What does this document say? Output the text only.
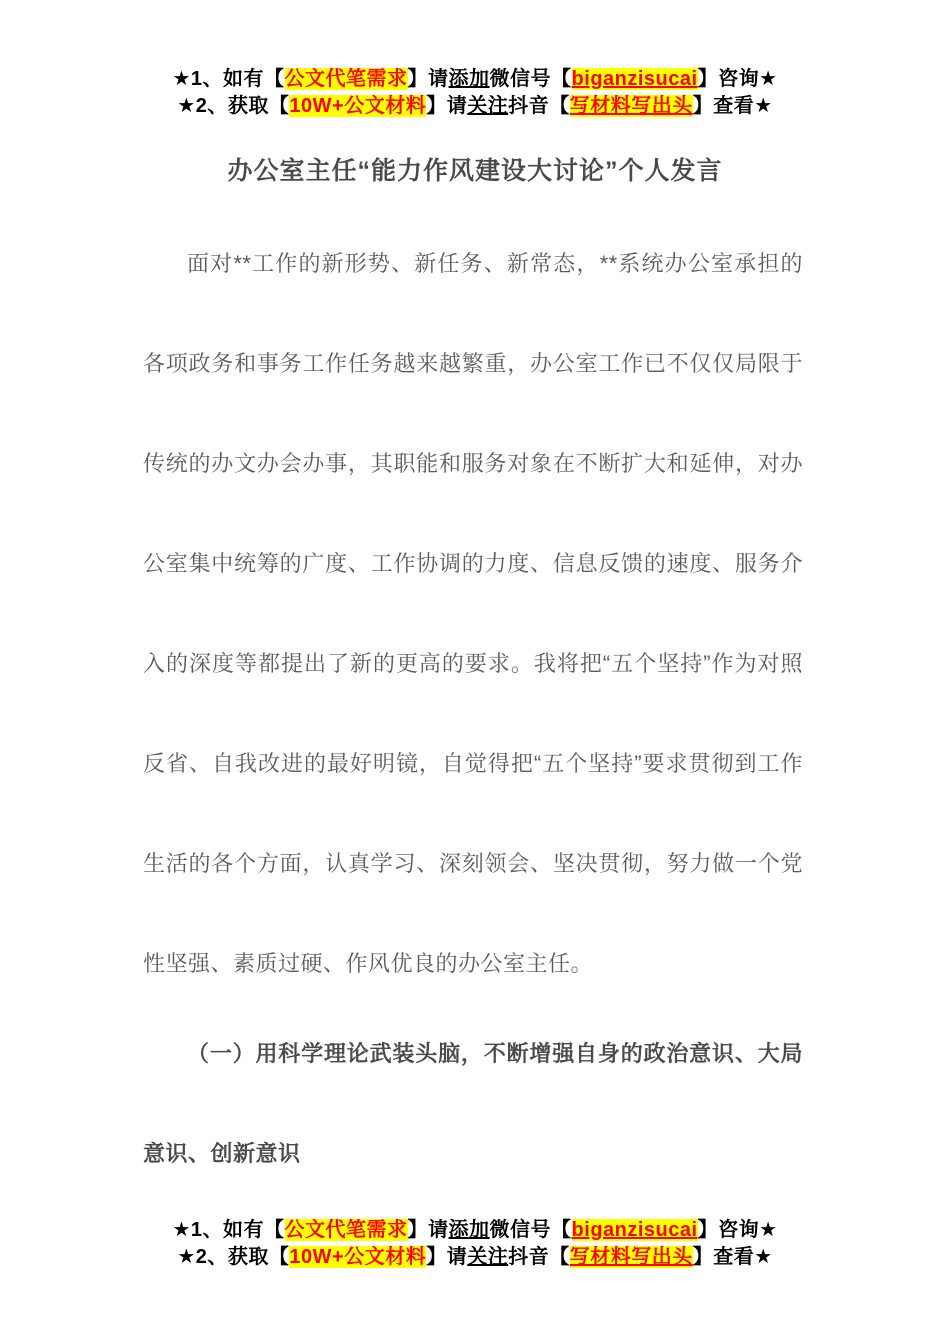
★1、如有【公文代笔需求】请添加微信号【biganzisucai】咨询★
★2、获取【10W+公文材料】请关注抖音【写材料写出头】查看★
办公室主任“能力作风建设大讨论”个人发言

面对**工作的新形势、新任务、新常态，**系统办公室承担的各项政务和事务工作任务越来越繁重，办公室工作已不仅仅局限于传统的办文办会办事，其职能和服务对象在不断扩大和延伸，对办公室集中统筹的广度、工作协调的力度、信息反馈的速度、服务介入的深度等都提出了新的更高的要求。我将把“五个坚持”作为对照反省、自我改进的最好明镜，自觉得把“五个坚持”要求贯彻到工作生活的各个方面，认真学习、深刻领会、坚决贯彻，努力做一个党性坚强、素质过硬、作风优良的办公室主任。

（一）用科学理论武装头脑，不断增强自身的政治意识、大局意识、创新意识

★1、如有【公文代笔需求】请添加微信号【biganzisucai】咨询★
★2、获取【10W+公文材料】请关注抖音【写材料写出头】查看★
